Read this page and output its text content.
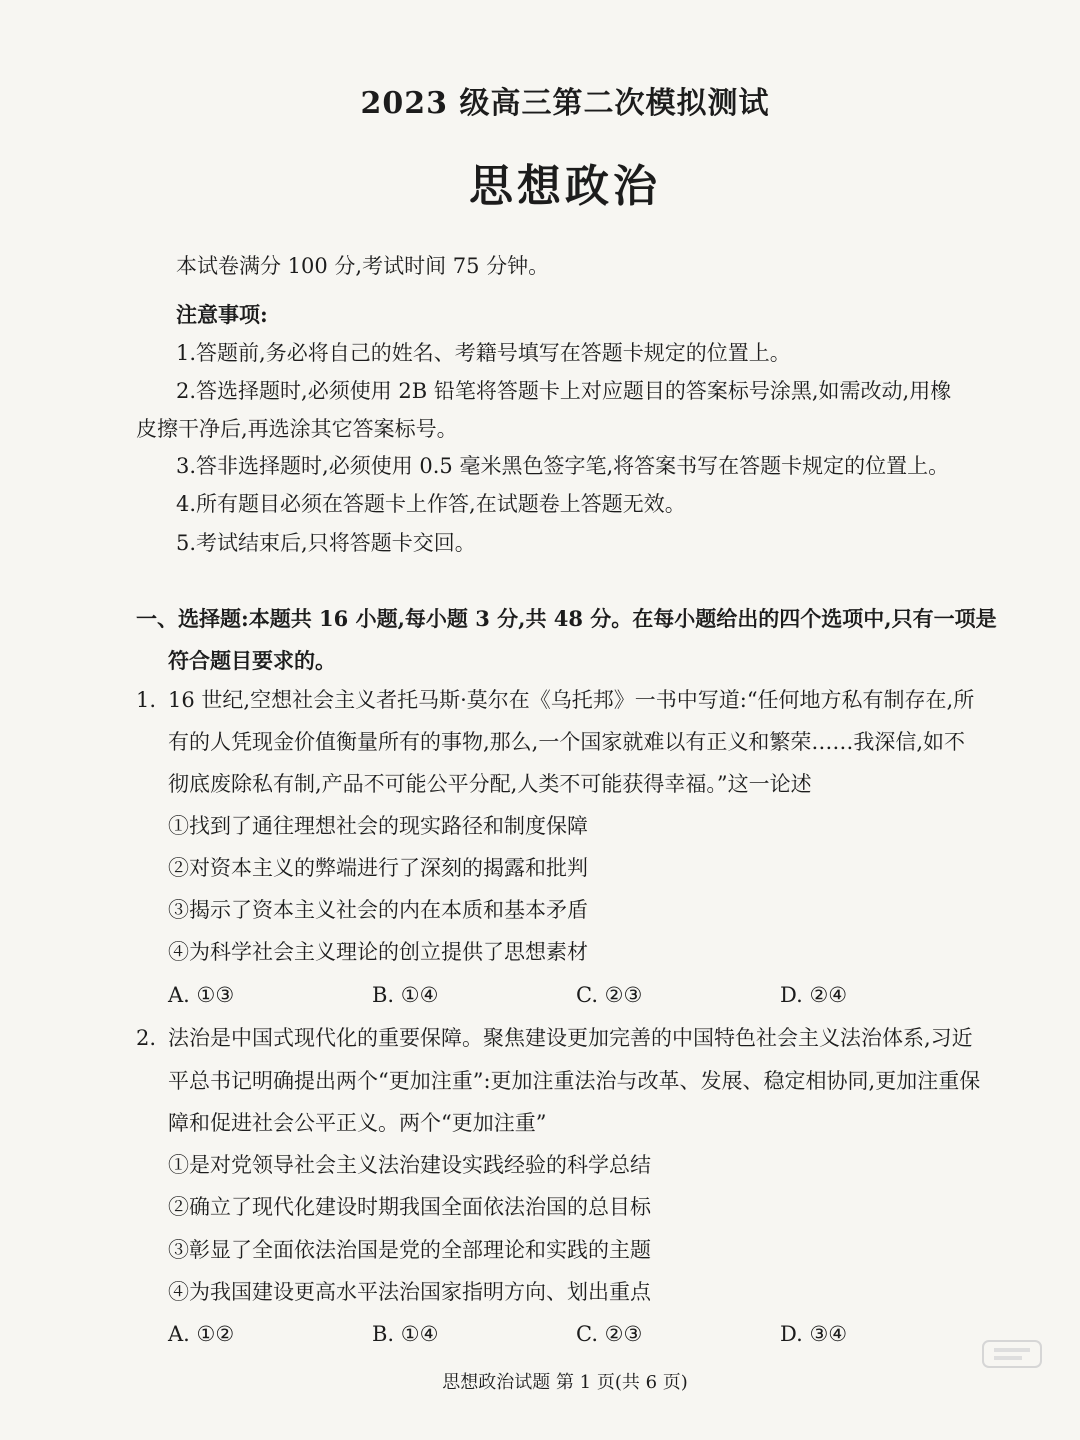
2023 级高三第二次模拟测试
思想政治
本试卷满分 100 分,考试时间 75 分钟。
注意事项:
1.答题前,务必将自己的姓名、考籍号填写在答题卡规定的位置上。
2.答选择题时,必须使用 2B 铅笔将答题卡上对应题目的答案标号涂黑,如需改动,用橡
皮擦干净后,再选涂其它答案标号。
3.答非选择题时,必须使用 0.5 毫米黑色签字笔,将答案书写在答题卡规定的位置上。
4.所有题目必须在答题卡上作答,在试题卷上答题无效。
5.考试结束后,只将答题卡交回。
一、选择题:本题共 16 小题,每小题 3 分,共 48 分。在每小题给出的四个选项中,只有一项是
符合题目要求的。
1. 16 世纪,空想社会主义者托马斯·莫尔在《乌托邦》一书中写道:“任何地方私有制存在,所
有的人凭现金价值衡量所有的事物,那么,一个国家就难以有正义和繁荣……我深信,如不
彻底废除私有制,产品不可能公平分配,人类不可能获得幸福。”这一论述
①找到了通往理想社会的现实路径和制度保障
②对资本主义的弊端进行了深刻的揭露和批判
③揭示了资本主义社会的内在本质和基本矛盾
④为科学社会主义理论的创立提供了思想素材
A. ①③	B. ①④	C. ②③	D. ②④
2. 法治是中国式现代化的重要保障。聚焦建设更加完善的中国特色社会主义法治体系,习近
平总书记明确提出两个“更加注重”:更加注重法治与改革、发展、稳定相协同,更加注重保
障和促进社会公平正义。两个“更加注重”
①是对党领导社会主义法治建设实践经验的科学总结
②确立了现代化建设时期我国全面依法治国的总目标
③彰显了全面依法治国是党的全部理论和实践的主题
④为我国建设更高水平法治国家指明方向、划出重点
A. ①②	B. ①④	C. ②③	D. ③④
思想政治试题 第 1 页(共 6 页)
